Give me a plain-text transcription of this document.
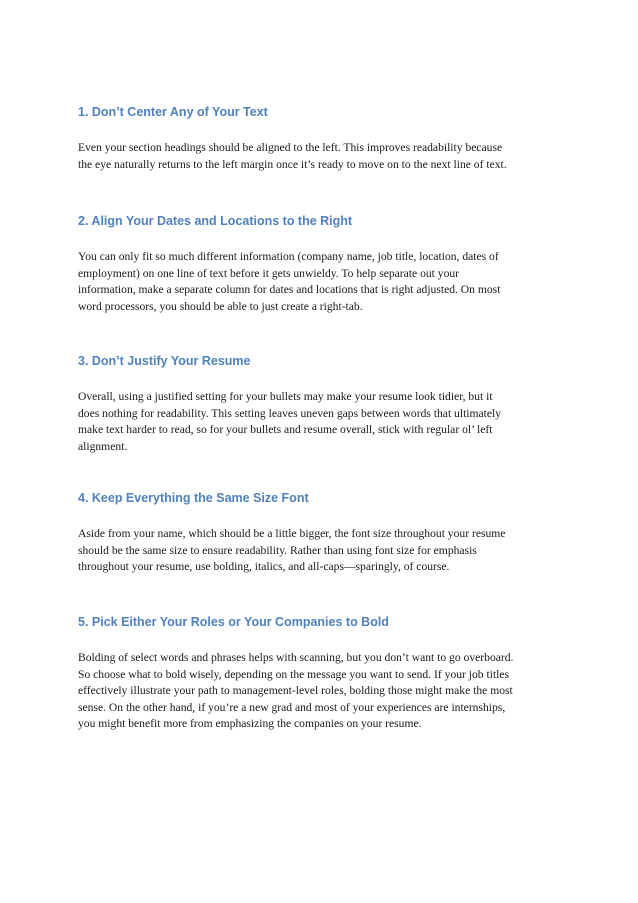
1. Don’t Center Any of Your Text

Even your section headings should be aligned to the left. This improves readability because
the eye naturally returns to the left margin once it’s ready to move on to the next line of text.

2. Align Your Dates and Locations to the Right

You can only fit so much different information (company name, job title, location, dates of
employment) on one line of text before it gets unwieldy. To help separate out your
information, make a separate column for dates and locations that is right adjusted. On most
word processors, you should be able to just create a right-tab.

3. Don’t Justify Your Resume

Overall, using a justified setting for your bullets may make your resume look tidier, but it
does nothing for readability. This setting leaves uneven gaps between words that ultimately
make text harder to read, so for your bullets and resume overall, stick with regular ol’ left
alignment.

4. Keep Everything the Same Size Font

Aside from your name, which should be a little bigger, the font size throughout your resume
should be the same size to ensure readability. Rather than using font size for emphasis
throughout your resume, use bolding, italics, and all-caps—sparingly, of course.

5. Pick Either Your Roles or Your Companies to Bold

Bolding of select words and phrases helps with scanning, but you don’t want to go overboard.
So choose what to bold wisely, depending on the message you want to send. If your job titles
effectively illustrate your path to management-level roles, bolding those might make the most
sense. On the other hand, if you’re a new grad and most of your experiences are internships,
you might benefit more from emphasizing the companies on your resume.
